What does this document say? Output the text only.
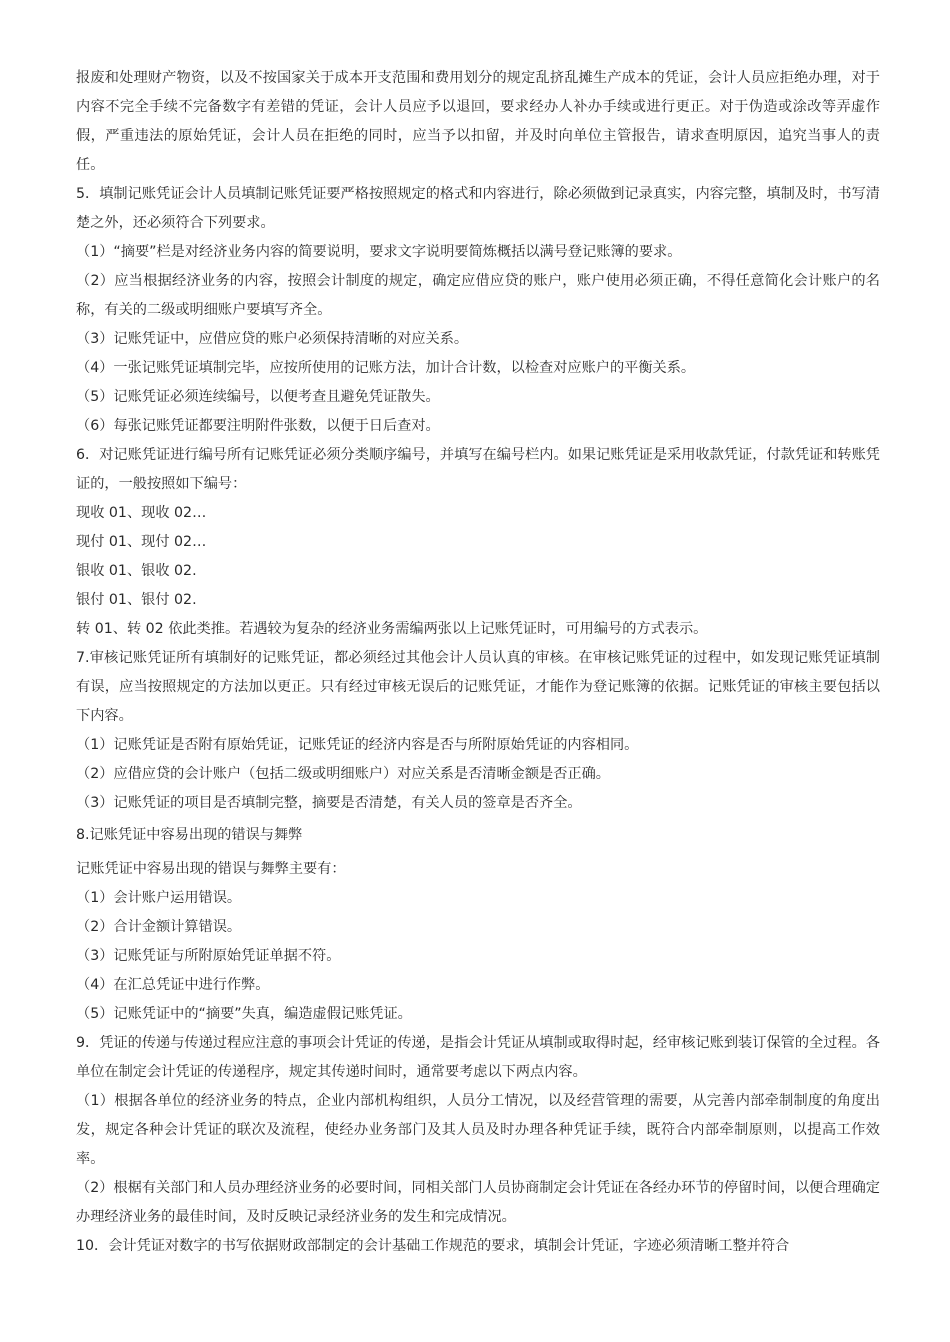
报废和处理财产物资，以及不按国家关于成本开支范围和费用划分的规定乱挤乱摊生产成本的凭证，会计人员应拒绝办理，对于内容不完全手续不完备数字有差错的凭证，会计人员应予以退回，要求经办人补办手续或进行更正。对于伪造或涂改等弄虚作假，严重违法的原始凭证，会计人员在拒绝的同时，应当予以扣留，并及时向单位主管报告，请求查明原因，追究当事人的责任。

5．填制记账凭证会计人员填制记账凭证要严格按照规定的格式和内容进行，除必须做到记录真实，内容完整，填制及时，书写清楚之外，还必须符合下列要求。

（1）“摘要”栏是对经济业务内容的简要说明，要求文字说明要简炼概括以满号登记账簿的要求。

（2）应当根据经济业务的内容，按照会计制度的规定，确定应借应贷的账户，账户使用必须正确，不得任意简化会计账户的名称，有关的二级或明细账户要填写齐全。

（3）记账凭证中，应借应贷的账户必须保持清晰的对应关系。

（4）一张记账凭证填制完毕，应按所使用的记账方法，加计合计数，以检查对应账户的平衡关系。

（5）记账凭证必须连续编号，以便考查且避免凭证散失。

（6）每张记账凭证都要注明附件张数，以便于日后查对。

6．对记账凭证进行编号所有记账凭证必须分类顺序编号，并填写在编号栏内。如果记账凭证是采用收款凭证，付款凭证和转账凭证的，一般按照如下编号：

现收 01、现收 02…

现付 01、现付 02…

银收 01、银收 02.

银付 01、银付 02.

转 01、转 02 依此类推。若遇较为复杂的经济业务需编两张以上记账凭证时，可用编号的方式表示。

7.审核记账凭证所有填制好的记账凭证，都必须经过其他会计人员认真的审核。在审核记账凭证的过程中，如发现记账凭证填制有误，应当按照规定的方法加以更正。只有经过审核无误后的记账凭证，才能作为登记账簿的依据。记账凭证的审核主要包括以下内容。

（1）记账凭证是否附有原始凭证，记账凭证的经济内容是否与所附原始凭证的内容相同。

（2）应借应贷的会计账户（包括二级或明细账户）对应关系是否清晰金额是否正确。

（3）记账凭证的项目是否填制完整，摘要是否清楚，有关人员的签章是否齐全。

8.记账凭证中容易出现的错误与舞弊

记账凭证中容易出现的错误与舞弊主要有：

（1）会计账户运用错误。

（2）合计金额计算错误。

（3）记账凭证与所附原始凭证单据不符。

（4）在汇总凭证中进行作弊。

（5）记账凭证中的“摘要”失真，编造虚假记账凭证。

9．凭证的传递与传递过程应注意的事项会计凭证的传递，是指会计凭证从填制或取得时起，经审核记账到装订保管的全过程。各单位在制定会计凭证的传递程序，规定其传递时间时，通常要考虑以下两点内容。

（1）根据各单位的经济业务的特点，企业内部机构组织，人员分工情况，以及经营管理的需要，从完善内部牵制制度的角度出发，规定各种会计凭证的联次及流程，使经办业务部门及其人员及时办理各种凭证手续，既符合内部牵制原则，以提高工作效率。

（2）根椐有关部门和人员办理经济业务的必要时间，同相关部门人员协商制定会计凭证在各经办环节的停留时间，以便合理确定办理经济业务的最佳时间，及时反映记录经济业务的发生和完成情况。

10．会计凭证对数字的书写依据财政部制定的会计基础工作规范的要求，填制会计凭证，字迹必须清晰工整并符合
